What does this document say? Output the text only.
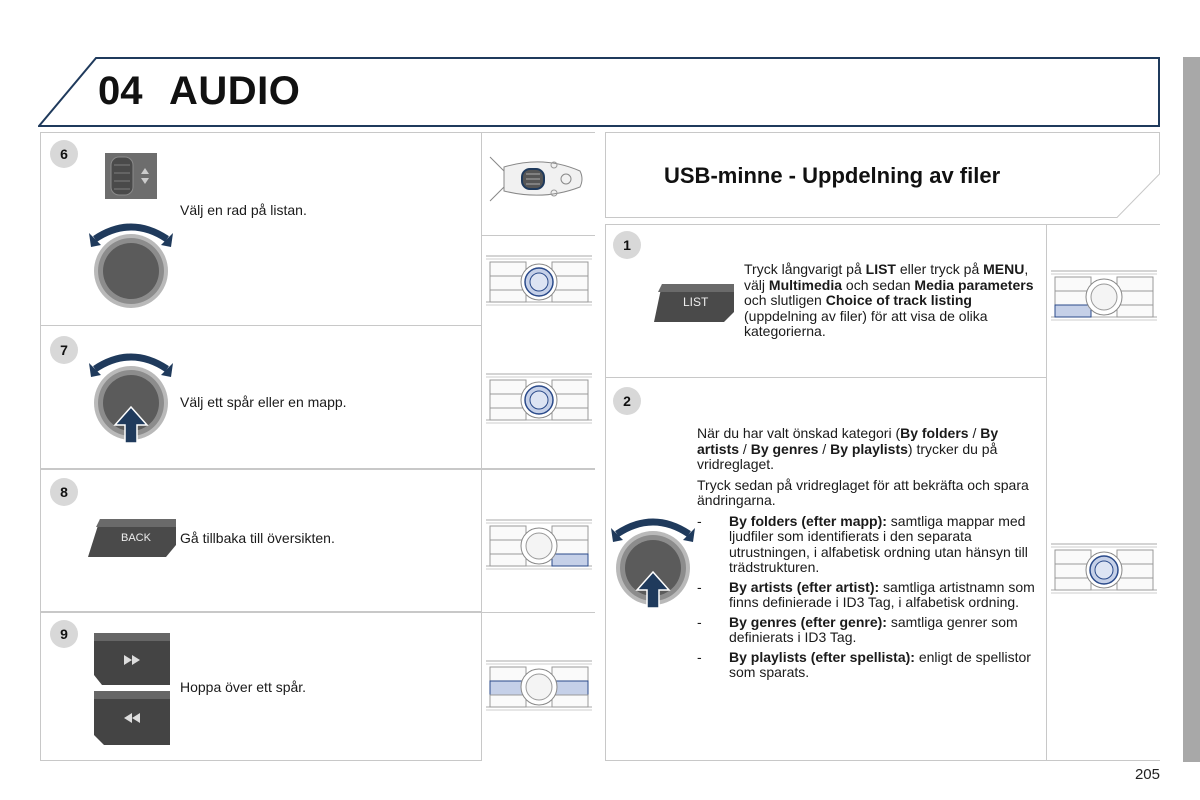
04 AUDIO
6
Välj en rad på listan.
7
Välj ett spår eller en mapp.
8
BACK Gå tillbaka till översikten.
9
Hoppa över ett spår.
USB-minne - Uppdelning av filer
1
LIST
Tryck långvarigt på LIST eller tryck på MENU, välj Multimedia och sedan Media parameters och slutligen Choice of track listing (uppdelning av filer) för att visa de olika kategorierna.
2
När du har valt önskad kategori (By folders / By artists / By genres / By playlists) trycker du på vridreglaget.
Tryck sedan på vridreglaget för att bekräfta och spara ändringarna.
-	By folders (efter mapp): samtliga mappar med ljudfiler som identifierats i den separata utrustningen, i alfabetisk ordning utan hänsyn till trädstrukturen.
-	By artists (efter artist): samtliga artistnamn som finns definierade i ID3 Tag, i alfabetisk ordning.
-	By genres (efter genre): samtliga genrer som definierats i ID3 Tag.
-	By playlists (efter spellista): enligt de spellistor som sparats.
205
